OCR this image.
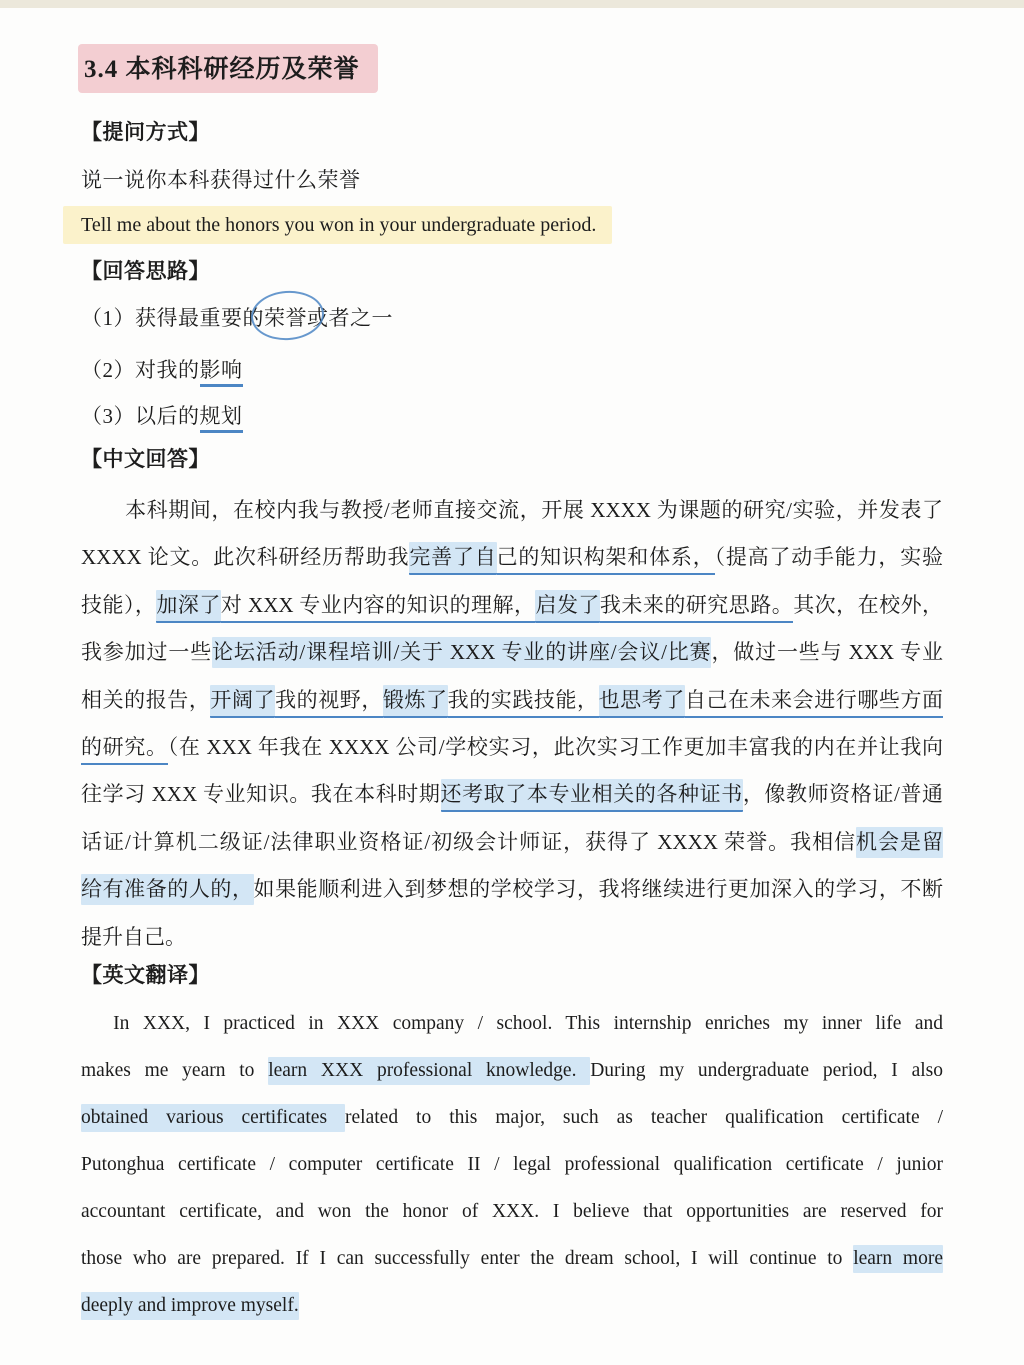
3.4 本科科研经历及荣誉
【提问方式】
说一说你本科获得过什么荣誉
Tell me about the honors you won in your undergraduate period.
【回答思路】
（1）获得最重要的荣誉或者之一
（2）对我的影响
（3）以后的规划
【中文回答】
本科期间，在校内我与教授/老师直接交流，开展 XXXX 为课题的研究/实验，并发表了
XXXX 论文。此次科研经历帮助我完善了自己的知识构架和体系，（提高了动手能力，实验
技能），加深了对 XXX 专业内容的知识的理解，启发了我未来的研究思路。其次，在校外，
我参加过一些论坛活动/课程培训/关于 XXX 专业的讲座/会议/比赛，做过一些与 XXX 专业
相关的报告，开阔了我的视野，锻炼了我的实践技能，也思考了自己在未来会进行哪些方面
的研究。（在 XXX 年我在 XXXX 公司/学校实习，此次实习工作更加丰富我的内在并让我向
往学习 XXX 专业知识。我在本科时期还考取了本专业相关的各种证书，像教师资格证/普通
话证/计算机二级证/法律职业资格证/初级会计师证，获得了 XXXX 荣誉。我相信机会是留
给有准备的人的，如果能顺利进入到梦想的学校学习，我将继续进行更加深入的学习，不断
提升自己。
【英文翻译】
In XXX, I practiced in XXX company / school. This internship enriches my inner life and
makes me yearn to learn XXX professional knowledge. During my undergraduate period, I also
obtained various certificates related to this major, such as teacher qualification certificate /
Putonghua certificate / computer certificate II / legal professional qualification certificate / junior
accountant certificate, and won the honor of XXX. I believe that opportunities are reserved for
those who are prepared. If I can successfully enter the dream school, I will continue to learn more
deeply and improve myself.
